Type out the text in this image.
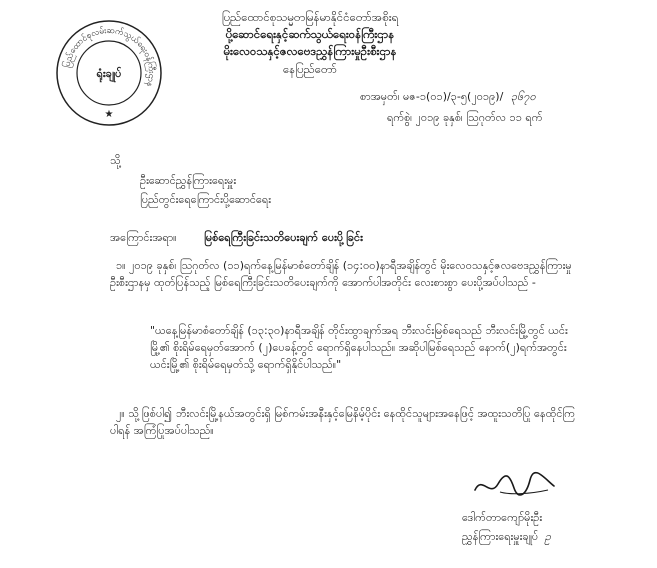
ပြည်ထောင်စုလမ်းဆက်သွယ်ရေးဝန်ကြီးဌာန
ရုံးချုပ်
★
ပြည်ထောင်စုသမ္မတမြန်မာနိုင်ငံတော်အစိုးရ
ပို့ဆောင်ရေးနှင့်ဆက်သွယ်ရေးဝန်ကြီးဌာန
မိုးလေဝသနှင့်ဇလဗေဒညွှန်ကြားမှုဦးစီးဌာန
နေပြည်တော်
စာအမှတ်၊ မဇ-၁(၀၁)/၃-၅(၂၀၁၉)/ ၃၆၇၀
ရက်စွဲ၊ ၂၀၁၉ ခုနှစ်၊ ဩဂုတ်လ ၁၁ ရက်
သို့
ဦးဆောင်ညွှန်ကြားရေးမှူး
ပြည်တွင်းရေကြောင်းပို့ဆောင်ရေး
အကြောင်းအရာ။ မြစ်ရေကြီးခြင်းသတိပေးချက် ပေးပို့ခြင်း
၁။ ၂၀၁၉ ခုနှစ်၊ ဩဂုတ်လ (၁၁)ရက်နေ့မြန်မာစံတော်ချိန် (၁၄:၀၀)နာရီအချိန်တွင် မိုးလေဝသနှင့်ဇလဗေဒညွှန်ကြားမှုဦးစီးဌာနမှ ထုတ်ပြန်သည့် မြစ်ရေကြီးခြင်းသတိပေးချက်ကို အောက်ပါအတိုင်း လေးစားစွာ ပေးပို့အပ်ပါသည် -
"ယနေ့မြန်မာစံတော်ချိန် (၁၃:၃၀)နာရီအချိန် တိုင်းထွာချက်အရ ဘီးလင်းမြစ်ရေသည် ဘီးလင်းမြို့တွင် ယင်းမြို့၏ စိုးရိမ်ရေမှတ်အောက် (၂)ပေခန့်တွင် ရောက်ရှိနေပါသည်။ အဆိုပါမြစ်ရေသည် နောက်(၂)ရက်အတွင်း ယင်းမြို့၏ စိုးရိမ်ရေမှတ်သို့ ရောက်ရှိနိုင်ပါသည်။"
၂။ သို့ဖြစ်ပါ၍ ဘီးလင်းမြို့နယ်အတွင်းရှိ မြစ်ကမ်းအနီးနှင့်မြေနိမ့်ပိုင်း နေထိုင်သူများအနေဖြင့် အထူးသတိပြု နေထိုင်ကြပါရန် အကြံပြုအပ်ပါသည်။
ဒေါက်တာကျော်မိုးဦး
ညွှန်ကြားရေးမှူးချုပ် ဥ
